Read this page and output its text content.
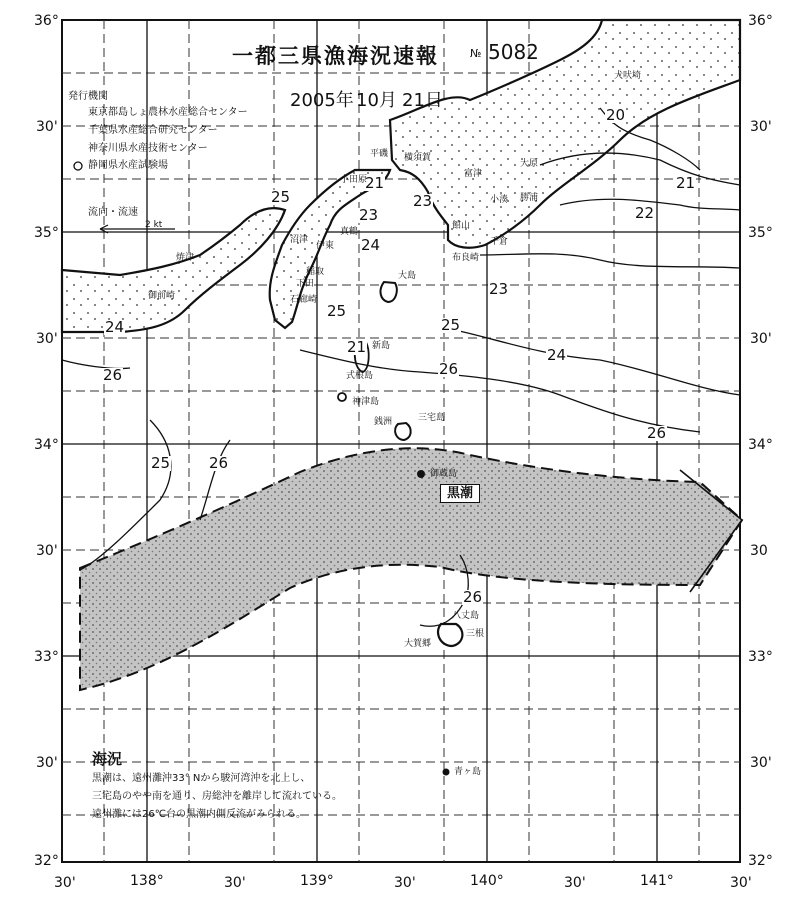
一都三県漁海況速報	№ 5082
2005年 10月 21日
発行機関
東京都島しょ農林水産総合センター
千葉県水産総合研究センター
神奈川県水産技術センター
静岡県水産試験場
流向・流速
2 kt
36°
30'
35°
30'
34°
30'
33°
30'
32°
36°
30'
35°
30'
34°
30
33°
30'
32°
30'	138°	30'	139°	30'	140°	30'	141°	30'
20
21
22
23
24
25
26
25
26
25
23
24
21
23
25
24
26
26
21
26
犬吠埼
大原
勝浦
小湊
平磯 横須賀
富津
小田原
真鶴
館山
千倉
布良崎
沼津
伊東
稲取
下田
石廊崎
焼津
御前崎
大島
新島
式根島
神津島
三宅島
御蔵島
銭洲
八丈島
三根
大賀郷
青ヶ島
黒潮
海況
黒潮は、遠州灘沖33° Nから駿河湾沖を北上し、
三宅島のやや南を通り、房総沖を離岸して流れている。
遠州灘には26℃台の黒潮内側反流がみられる。
